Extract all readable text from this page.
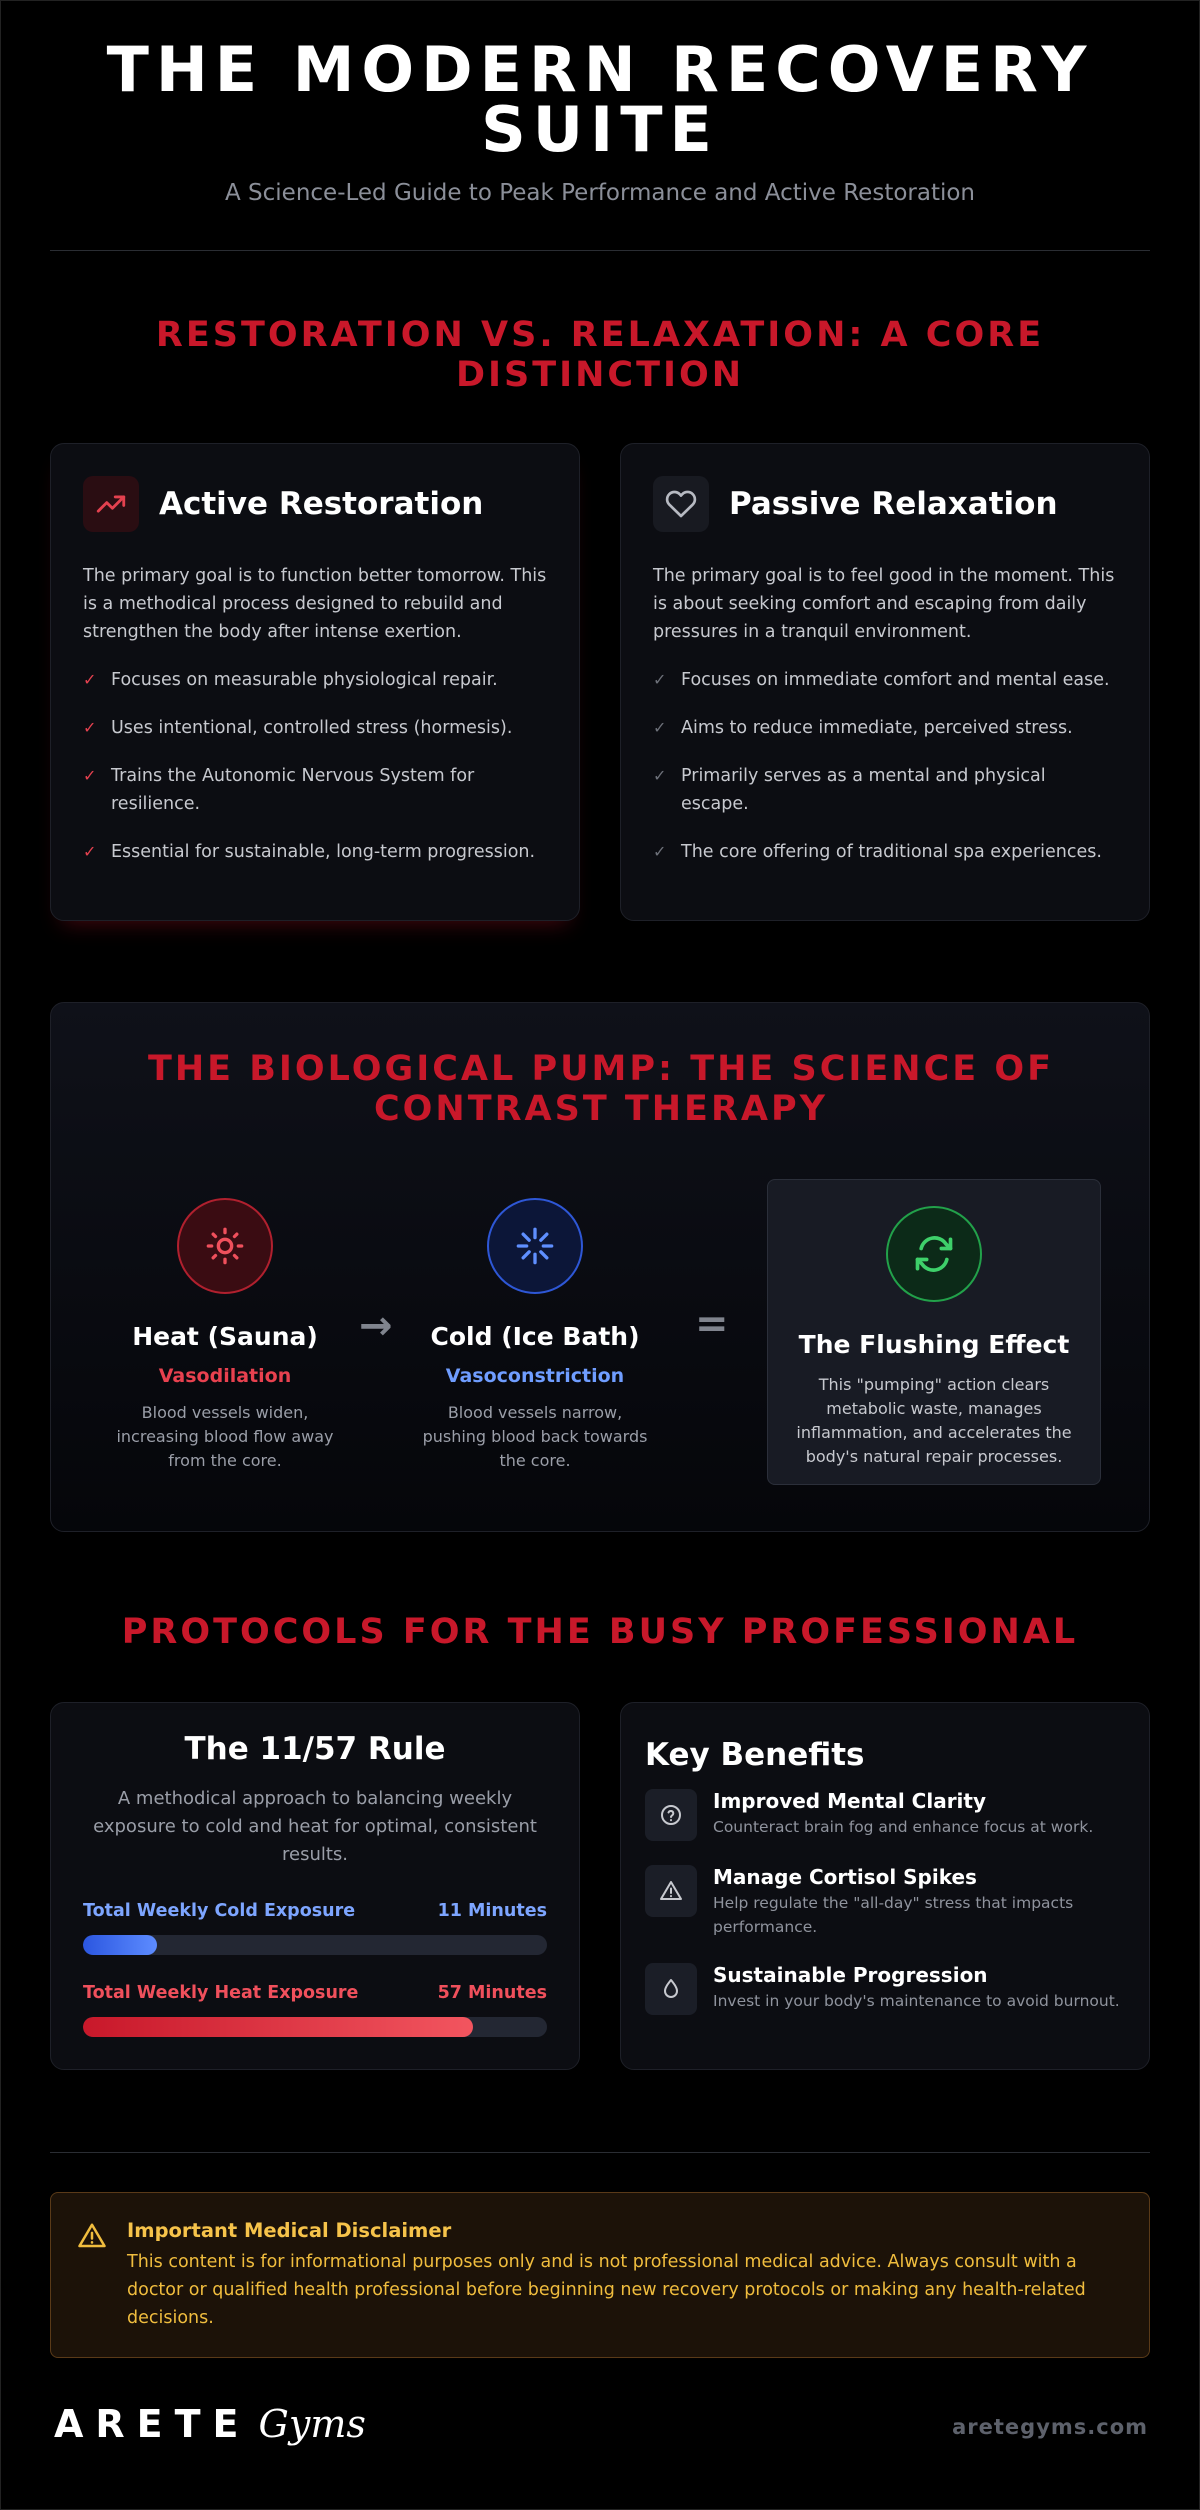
THE MODERN RECOVERY
SUITE
A Science-Led Guide to Peak Performance and Active Restoration
RESTORATION VS. RELAXATION: A CORE
DISTINCTION
Active Restoration

The primary goal is to function better tomorrow. This is a methodical process designed to rebuild and strengthen the body after intense exertion.

✓ Focuses on measurable physiological repair.
✓ Uses intentional, controlled stress (hormesis).
✓ Trains the Autonomic Nervous System for resilience.
✓ Essential for sustainable, long-term progression.
Passive Relaxation

The primary goal is to feel good in the moment. This is about seeking comfort and escaping from daily pressures in a tranquil environment.

✓ Focuses on immediate comfort and mental ease.
✓ Aims to reduce immediate, perceived stress.
✓ Primarily serves as a mental and physical escape.
✓ The core offering of traditional spa experiences.
THE BIOLOGICAL PUMP: THE SCIENCE OF
CONTRAST THERAPY
Heat (Sauna)
Vasodilation
Blood vessels widen, increasing blood flow away from the core.
→	Cold (Ice Bath)
Vasoconstriction
Blood vessels narrow, pushing blood back towards the core.
=	The Flushing Effect

This "pumping" action clears metabolic waste, manages inflammation, and accelerates the body's natural repair processes.

PROTOCOLS FOR THE BUSY PROFESSIONAL
The 11/57 Rule

A methodical approach to balancing weekly exposure to cold and heat for optimal, consistent results.

Total Weekly Cold Exposure	11 Minutes
Total Weekly Heat Exposure	57 Minutes
Key Benefits
Improved Mental Clarity

Counteract brain fog and enhance focus at work.

Manage Cortisol Spikes

Help regulate the "all-day" stress that impacts performance.

Sustainable Progression

Invest in your body's maintenance to avoid burnout.

Important Medical Disclaimer

This content is for informational purposes only and is not professional medical advice. Always consult with a doctor or qualified health professional before beginning new recovery protocols or making any health-related decisions.

ARETE Gyms	aretegyms.com
